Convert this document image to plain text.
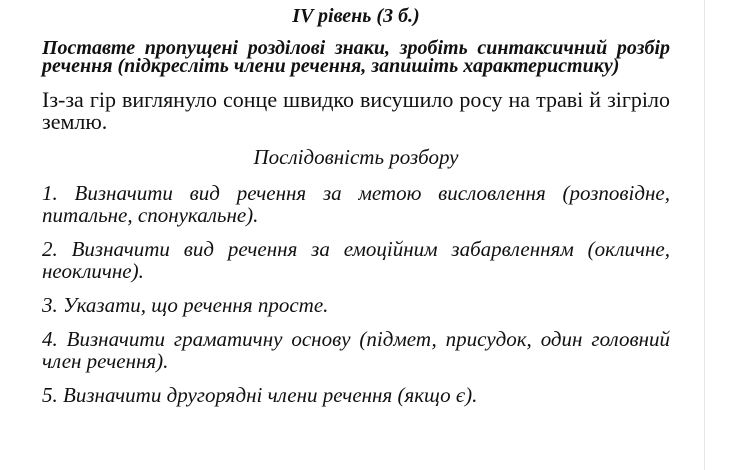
IV рівень (3 б.)
Поставте пропущені розділові знаки, зробіть синтаксичний розбір речення (підкресліть члени речення, запишіть характеристику)
Із-за гір виглянуло сонце швидко висушило росу на траві й зігріло землю.
Послідовність розбору
1. Визначити вид речення за метою висловлення (розповідне, питальне, спонукальне).
2. Визначити вид речення за емоційним забарвленням (окличне, неокличне).
3. Указати, що речення просте.
4. Визначити граматичну основу (підмет, присудок, один головний член речення).
5. Визначити другорядні члени речення (якщо є).
